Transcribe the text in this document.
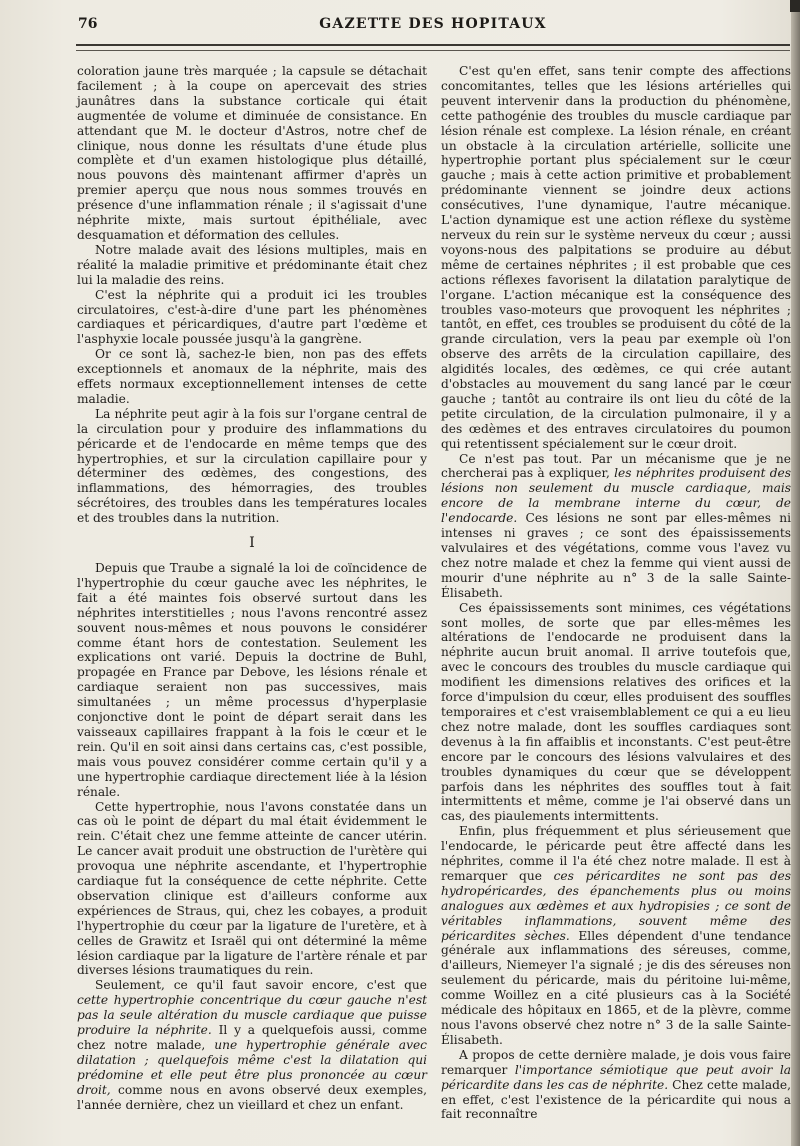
76	GAZETTE DES HOPITAUX

coloration jaune très marquée ; la capsule se détachait facilement ; à la coupe on apercevait des stries jaunâtres dans la substance corticale qui était augmentée de volume et diminuée de consistance. En attendant que M. le docteur d'Astros, notre chef de clinique, nous donne les résultats d'une étude plus complète et d'un examen histologique plus détaillé, nous pouvons dès maintenant affirmer d'après un premier aperçu que nous nous sommes trouvés en présence d'une inflammation rénale ; il s'agissait d'une néphrite mixte, mais surtout épithéliale, avec desquamation et déformation des cellules.

Notre malade avait des lésions multiples, mais en réalité la maladie primitive et prédominante était chez lui la maladie des reins.

C'est la néphrite qui a produit ici les troubles circulatoires, c'est-à-dire d'une part les phénomènes cardiaques et péricardiques, d'autre part l'œdème et l'asphyxie locale poussée jusqu'à la gangrène.

Or ce sont là, sachez-le bien, non pas des effets exceptionnels et anomaux de la néphrite, mais des effets normaux exceptionnellement intenses de cette maladie.

La néphrite peut agir à la fois sur l'organe central de la circulation pour y produire des inflammations du péricarde et de l'endocarde en même temps que des hypertrophies, et sur la circulation capillaire pour y déterminer des œdèmes, des congestions, des inflammations, des hémorragies, des troubles sécrétoires, des troubles dans les températures locales et des troubles dans la nutrition.

I

Depuis que Traube a signalé la loi de coïncidence de l'hypertrophie du cœur gauche avec les néphrites, le fait a été maintes fois observé surtout dans les néphrites interstitielles ; nous l'avons rencontré assez souvent nous-mêmes et nous pouvons le considérer comme étant hors de contestation. Seulement les explications ont varié. Depuis la doctrine de Buhl, propagée en France par Debove, les lésions rénale et cardiaque seraient non pas successives, mais simultanées ; un même processus d'hyperplasie conjonctive dont le point de départ serait dans les vaisseaux capillaires frappant à la fois le cœur et le rein. Qu'il en soit ainsi dans certains cas, c'est possible, mais vous pouvez considérer comme certain qu'il y a une hypertrophie cardiaque directement liée à la lésion rénale.

Cette hypertrophie, nous l'avons constatée dans un cas où le point de départ du mal était évidemment le rein. C'était chez une femme atteinte de cancer utérin. Le cancer avait produit une obstruction de l'urètère qui provoqua une néphrite ascendante, et l'hypertrophie cardiaque fut la conséquence de cette néphrite. Cette observation clinique est d'ailleurs conforme aux expériences de Straus, qui, chez les cobayes, a produit l'hypertrophie du cœur par la ligature de l'uretère, et à celles de Grawitz et Israël qui ont déterminé la même lésion cardiaque par la ligature de l'artère rénale et par diverses lésions traumatiques du rein.

Seulement, ce qu'il faut savoir encore, c'est que cette hypertrophie concentrique du cœur gauche n'est pas la seule altération du muscle cardiaque que puisse produire la néphrite. Il y a quelquefois aussi, comme chez notre malade, une hypertrophie générale avec dilatation ; quelquefois même c'est la dilatation qui prédomine et elle peut être plus prononcée au cœur droit, comme nous en avons observé deux exemples, l'année dernière, chez un vieillard et chez un enfant.

C'est qu'en effet, sans tenir compte des affections concomitantes, telles que les lésions artérielles qui peuvent intervenir dans la production du phénomène, cette pathogénie des troubles du muscle cardiaque par lésion rénale est complexe. La lésion rénale, en créant un obstacle à la circulation artérielle, sollicite une hypertrophie portant plus spécialement sur le cœur gauche ; mais à cette action primitive et probablement prédominante viennent se joindre deux actions consécutives, l'une dynamique, l'autre mécanique. L'action dynamique est une action réflexe du système nerveux du rein sur le système nerveux du cœur ; aussi voyons-nous des palpitations se produire au début même de certaines néphrites ; il est probable que ces actions réflexes favorisent la dilatation paralytique de l'organe. L'action mécanique est la conséquence des troubles vaso-moteurs que provoquent les néphrites ; tantôt, en effet, ces troubles se produisent du côté de la grande circulation, vers la peau par exemple où l'on observe des arrêts de la circulation capillaire, des algidités locales, des œdèmes, ce qui crée autant d'obstacles au mouvement du sang lancé par le cœur gauche ; tantôt au contraire ils ont lieu du côté de la petite circulation, de la circulation pulmonaire, il y a des œdèmes et des entraves circulatoires du poumon qui retentissent spécialement sur le cœur droit.

Ce n'est pas tout. Par un mécanisme que je ne chercherai pas à expliquer, les néphrites produisent des lésions non seulement du muscle cardiaque, mais encore de la membrane interne du cœur, de l'endocarde. Ces lésions ne sont par elles-mêmes ni intenses ni graves ; ce sont des épaississements valvulaires et des végétations, comme vous l'avez vu chez notre malade et chez la femme qui vient aussi de mourir d'une néphrite au n° 3 de la salle Sainte-Élisabeth.

Ces épaississements sont minimes, ces végétations sont molles, de sorte que par elles-mêmes les altérations de l'endocarde ne produisent dans la néphrite aucun bruit anomal. Il arrive toutefois que, avec le concours des troubles du muscle cardiaque qui modifient les dimensions relatives des orifices et la force d'impulsion du cœur, elles produisent des souffles temporaires et c'est vraisemblablement ce qui a eu lieu chez notre malade, dont les souffles cardiaques sont devenus à la fin affaiblis et inconstants. C'est peut-être encore par le concours des lésions valvulaires et des troubles dynamiques du cœur que se développent parfois dans les néphrites des souffles tout à fait intermittents et même, comme je l'ai observé dans un cas, des piaulements intermittents.

Enfin, plus fréquemment et plus sérieusement que l'endocarde, le péricarde peut être affecté dans les néphrites, comme il l'a été chez notre malade. Il est à remarquer que ces péricardites ne sont pas des hydropéricardes, des épanchements plus ou moins analogues aux œdèmes et aux hydropisies ; ce sont de véritables inflammations, souvent même des péricardites sèches. Elles dépendent d'une tendance générale aux inflammations des séreuses, comme, d'ailleurs, Niemeyer l'a signalé ; je dis des séreuses non seulement du péricarde, mais du péritoine lui-même, comme Woillez en a cité plusieurs cas à la Société médicale des hôpitaux en 1865, et de la plèvre, comme nous l'avons observé chez notre n° 3 de la salle Sainte-Élisabeth.

A propos de cette dernière malade, je dois vous faire remarquer l'importance sémiotique que peut avoir la péricardite dans les cas de néphrite. Chez cette malade, en effet, c'est l'existence de la péricardite qui nous a fait reconnaître
